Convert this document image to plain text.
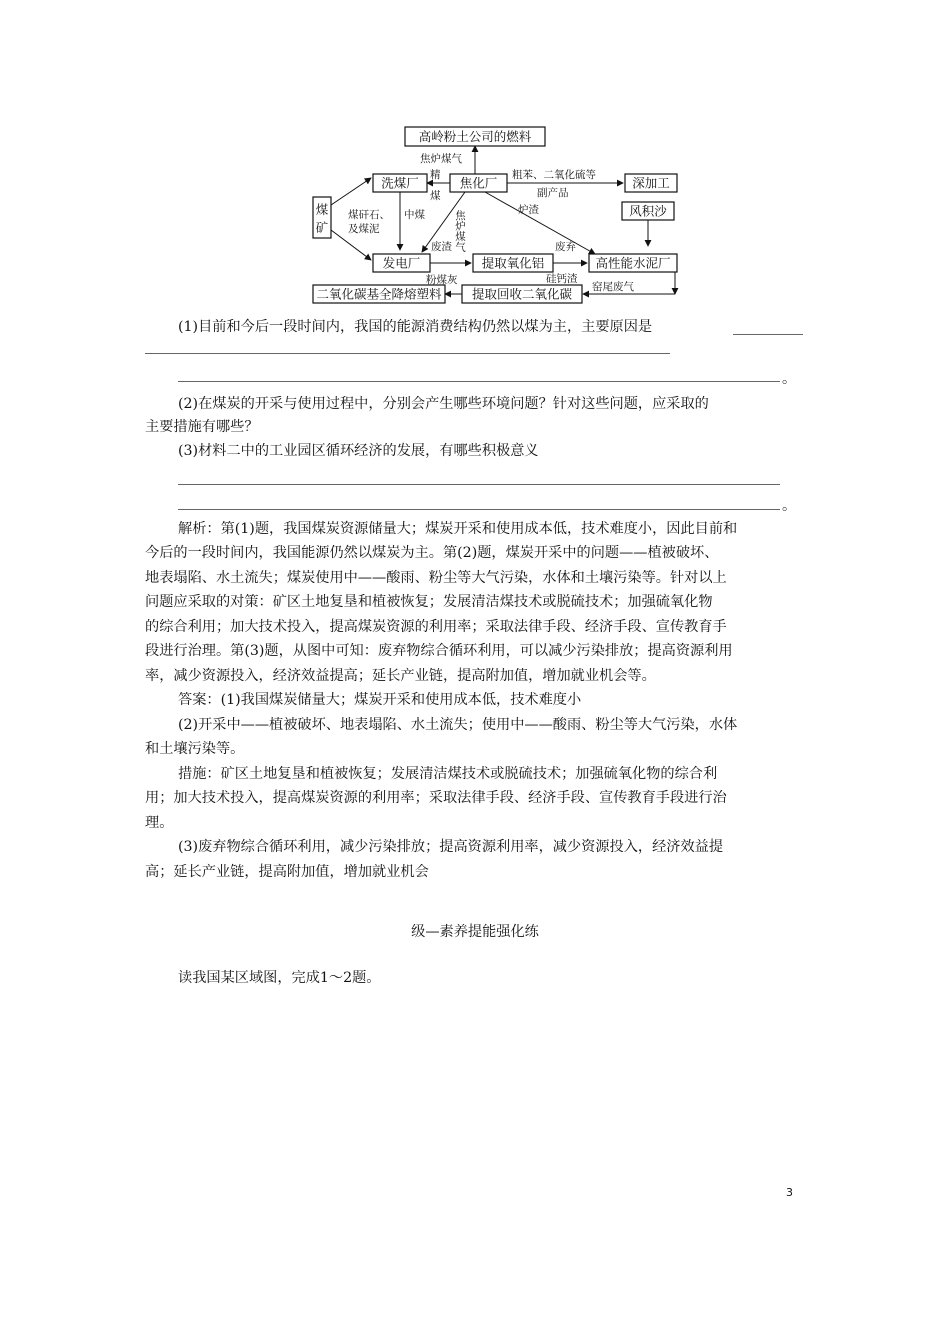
高岭粉土公司的燃料
洗煤厂	焦化厂	深加工
煤
矿
风积沙
发电厂	提取氧化铝	高性能水泥厂
二氧化碳基全降熔塑料 提取回收二氧化碳
焦炉煤气
精
煤
粗苯、二氧化硫等
副产品
煤矸石、
及煤泥
中煤	焦炉煤气	炉渣
废渣
粉煤灰
废弃
硅钙渣
窑尾废气

(1)目前和今后一段时间内，我国的能源消费结构仍然以煤为主，主要原因是

。

(2)在煤炭的开采与使用过程中，分别会产生哪些环境问题？针对这些问题，应采取的

主要措施有哪些？

(3)材料二中的工业园区循环经济的发展，有哪些积极意义

。

解析：第(1)题，我国煤炭资源储量大；煤炭开采和使用成本低，技术难度小，因此目前和

今后的一段时间内，我国能源仍然以煤炭为主。第(2)题，煤炭开采中的问题——植被破坏、

地表塌陷、水土流失；煤炭使用中——酸雨、粉尘等大气污染，水体和土壤污染等。针对以上

问题应采取的对策：矿区土地复垦和植被恢复；发展清洁煤技术或脱硫技术；加强硫氧化物

的综合利用；加大技术投入，提高煤炭资源的利用率；采取法律手段、经济手段、宣传教育手

段进行治理。第(3)题，从图中可知：废弃物综合循环利用，可以减少污染排放；提高资源利用

率，减少资源投入，经济效益提高；延长产业链，提高附加值，增加就业机会等。

答案：(1)我国煤炭储量大；煤炭开采和使用成本低，技术难度小

(2)开采中——植被破坏、地表塌陷、水土流失；使用中——酸雨、粉尘等大气污染，水体

和土壤污染等。

措施：矿区土地复垦和植被恢复；发展清洁煤技术或脱硫技术；加强硫氧化物的综合利

用；加大技术投入，提高煤炭资源的利用率；采取法律手段、经济手段、宣传教育手段进行治

理。

(3)废弃物综合循环利用，减少污染排放；提高资源利用率，减少资源投入，经济效益提

高；延长产业链，提高附加值，增加就业机会

级—素养提能强化练

读我国某区域图，完成1～2题。

3
